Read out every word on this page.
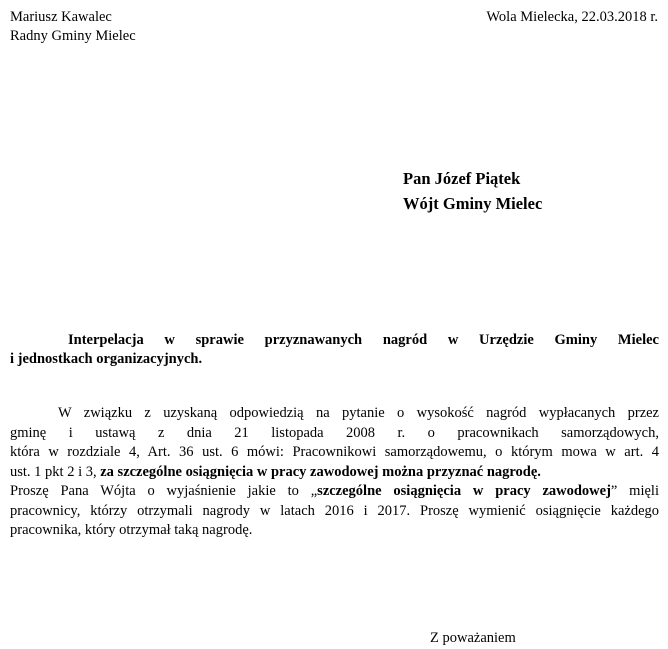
Mariusz Kawalec
Radny Gminy Mielec
Wola Mielecka, 22.03.2018 r.
Pan Józef Piątek
Wójt Gminy Mielec
Interpelacja w sprawie przyznawanych nagród w Urzędzie Gminy Mielec
i jednostkach organizacyjnych.
W związku z uzyskaną odpowiedzią na pytanie o wysokość nagród wypłacanych przez
gminę i ustawą z dnia 21 listopada 2008 r. o pracownikach samorządowych,
która w rozdziale 4, Art. 36 ust. 6 mówi: Pracownikowi samorządowemu, o którym mowa w art. 4
ust. 1 pkt 2 i 3, za szczególne osiągnięcia w pracy zawodowej można przyznać nagrodę.
Proszę Pana Wójta o wyjaśnienie jakie to „szczególne osiągnięcia w pracy zawodowej” mięli
pracownicy, którzy otrzymali nagrody w latach 2016 i 2017. Proszę wymienić osiągnięcie każdego
pracownika, który otrzymał taką nagrodę.
Z poważaniem
